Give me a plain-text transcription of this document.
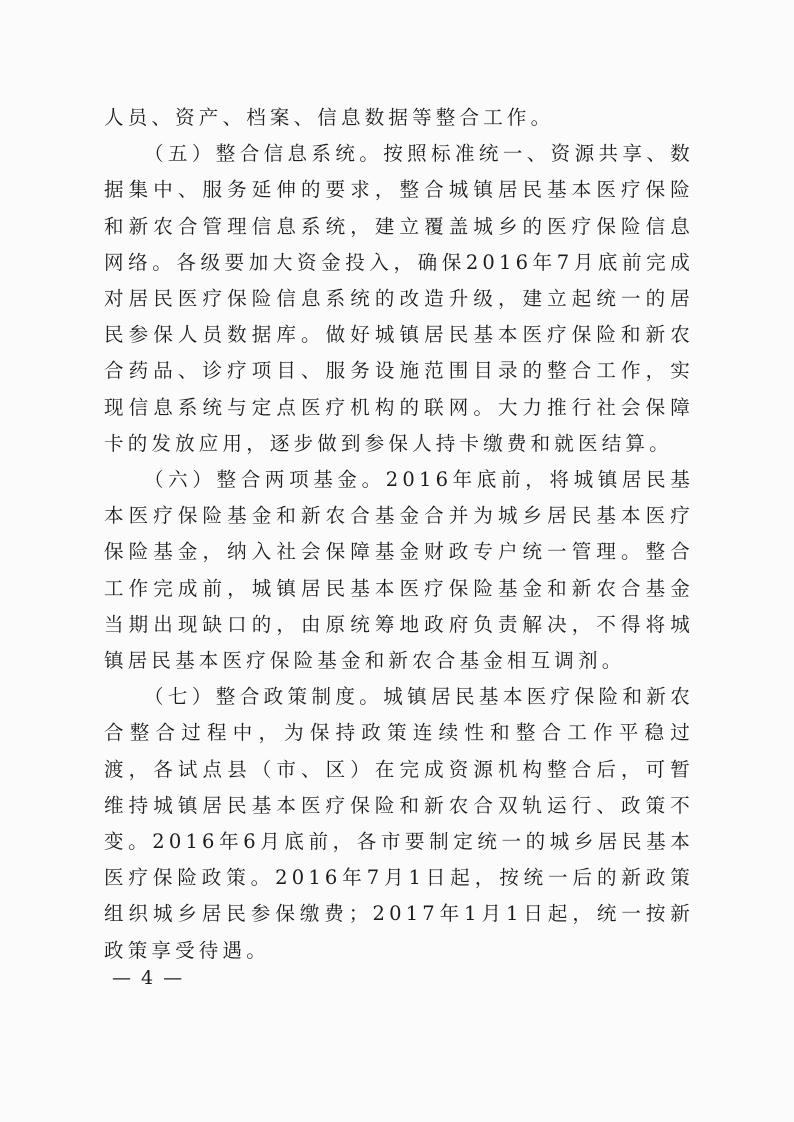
人员、资产、档案、信息数据等整合工作。

（五）整合信息系统。按照标准统一、资源共享、数据集中、服务延伸的要求，整合城镇居民基本医疗保险和新农合管理信息系统，建立覆盖城乡的医疗保险信息网络。各级要加大资金投入，确保2016年7月底前完成对居民医疗保险信息系统的改造升级，建立起统一的居民参保人员数据库。做好城镇居民基本医疗保险和新农合药品、诊疗项目、服务设施范围目录的整合工作，实现信息系统与定点医疗机构的联网。大力推行社会保障卡的发放应用，逐步做到参保人持卡缴费和就医结算。

（六）整合两项基金。2016年底前，将城镇居民基本医疗保险基金和新农合基金合并为城乡居民基本医疗保险基金，纳入社会保障基金财政专户统一管理。整合工作完成前，城镇居民基本医疗保险基金和新农合基金当期出现缺口的，由原统筹地政府负责解决，不得将城镇居民基本医疗保险基金和新农合基金相互调剂。

（七）整合政策制度。城镇居民基本医疗保险和新农合整合过程中，为保持政策连续性和整合工作平稳过渡，各试点县（市、区）在完成资源机构整合后，可暂维持城镇居民基本医疗保险和新农合双轨运行、政策不变。2016年6月底前，各市要制定统一的城乡居民基本医疗保险政策。2016年7月1日起，按统一后的新政策组织城乡居民参保缴费；2017年1月1日起，统一按新政策享受待遇。

— 4 —
